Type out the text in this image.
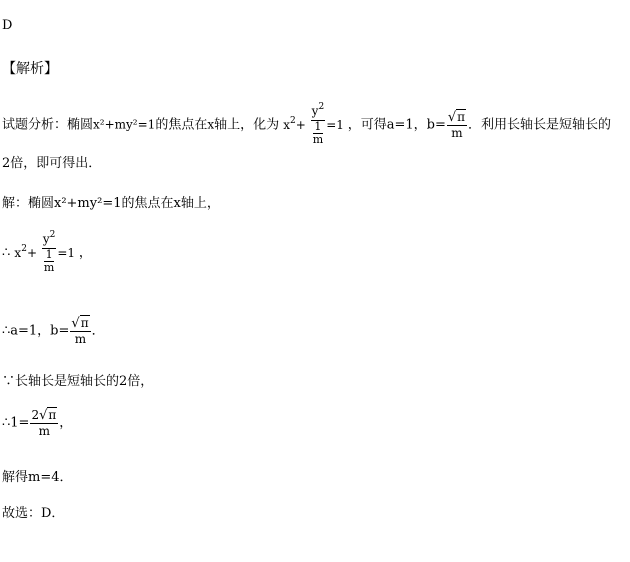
D
【解析】
试题分析：椭圆x²+my²=1的焦点在x轴上，化为 $x^2+ \frac{y^2}{\frac{1}{m}} =1$ ，可得a=1，$b= \frac{√\pi}{m}$ ．利用长轴长是短轴长的
2倍，即可得出．
解：椭圆x²+my²=1的焦点在x轴上，
∴ $x^2+ \frac{y^2}{\frac{1}{m}} =1$ ，
∴a=1，$b= \frac{√\pi}{m}$ ．
∵长轴长是短轴长的2倍，
∴1= $\frac{2√\pi}{m}$ ，
解得m=4．
故选：D．
